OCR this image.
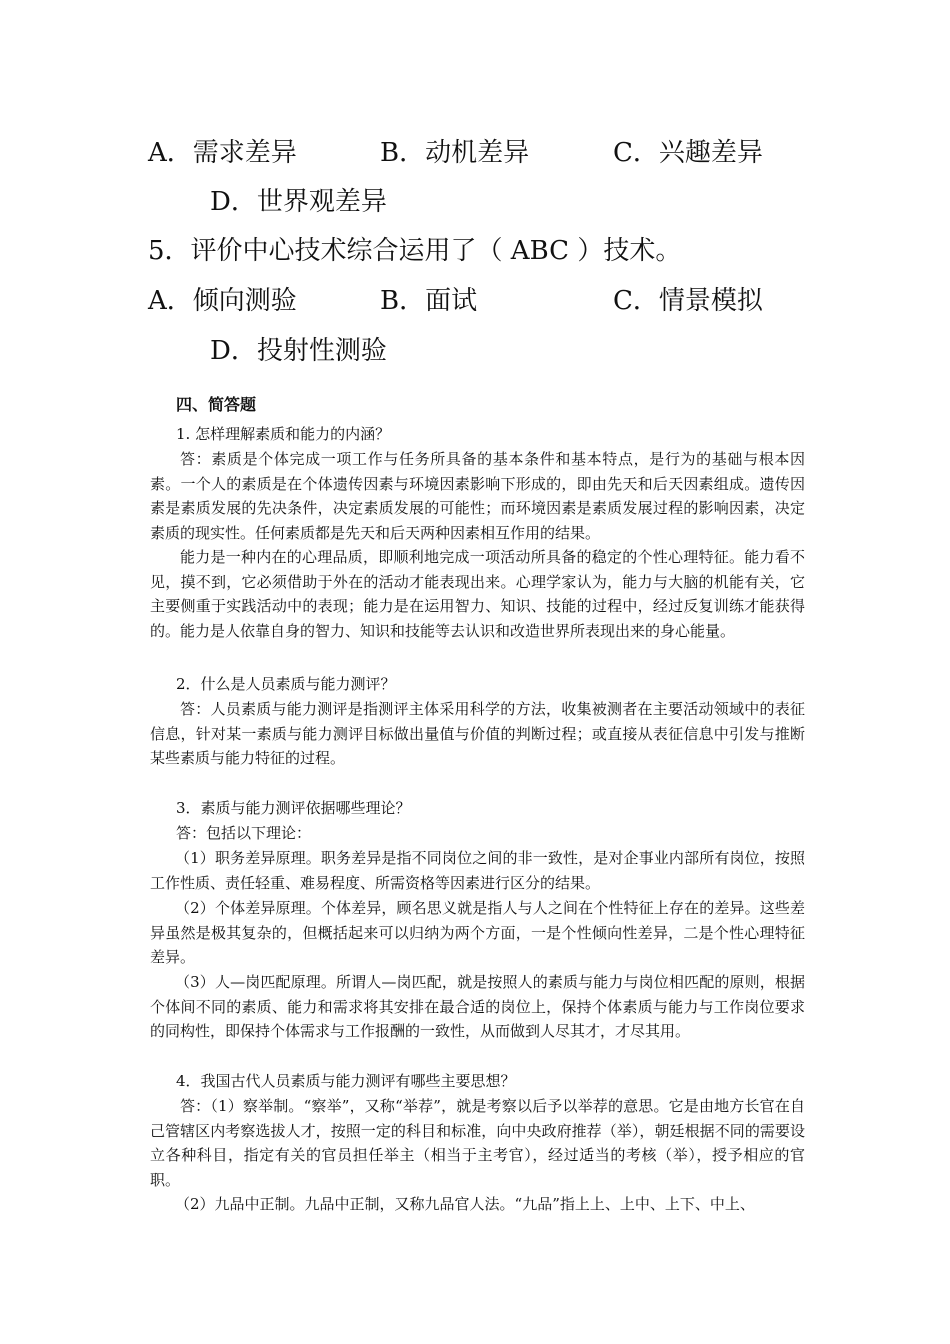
A．需求差异	B．动机差异	C．兴趣差异
D．世界观差异
5．评价中心技术综合运用了（ ABC ）技术。
A．倾向测验	B．面试	C．情景模拟
D．投射性测验
四、简答题
1. 怎样理解素质和能力的内涵？

答：素质是个体完成一项工作与任务所具备的基本条件和基本特点，是行为的基础与根本因素。一个人的素质是在个体遗传因素与环境因素影响下形成的，即由先天和后天因素组成。遗传因素是素质发展的先决条件，决定素质发展的可能性；而环境因素是素质发展过程的影响因素，决定素质的现实性。任何素质都是先天和后天两种因素相互作用的结果。

能力是一种内在的心理品质，即顺利地完成一项活动所具备的稳定的个性心理特征。能力看不见，摸不到，它必须借助于外在的活动才能表现出来。心理学家认为，能力与大脑的机能有关，它主要侧重于实践活动中的表现；能力是在运用智力、知识、技能的过程中，经过反复训练才能获得的。能力是人依靠自身的智力、知识和技能等去认识和改造世界所表现出来的身心能量。

2．什么是人员素质与能力测评？

答：人员素质与能力测评是指测评主体采用科学的方法，收集被测者在主要活动领域中的表征信息，针对某一素质与能力测评目标做出量值与价值的判断过程；或直接从表征信息中引发与推断某些素质与能力特征的过程。

3．素质与能力测评依据哪些理论？
答：包括以下理论：

（1）职务差异原理。职务差异是指不同岗位之间的非一致性，是对企事业内部所有岗位，按照工作性质、责任轻重、难易程度、所需资格等因素进行区分的结果。

（2）个体差异原理。个体差异，顾名思义就是指人与人之间在个性特征上存在的差异。这些差异虽然是极其复杂的，但概括起来可以归纳为两个方面，一是个性倾向性差异，二是个性心理特征差异。

（3）人—岗匹配原理。所谓人—岗匹配，就是按照人的素质与能力与岗位相匹配的原则，根据个体间不同的素质、能力和需求将其安排在最合适的岗位上，保持个体素质与能力与工作岗位要求的同构性，即保持个体需求与工作报酬的一致性，从而做到人尽其才，才尽其用。

4．我国古代人员素质与能力测评有哪些主要思想？

答：（1）察举制。“察举”，又称“举荐”，就是考察以后予以举荐的意思。它是由地方长官在自己管辖区内考察选拔人才，按照一定的科目和标准，向中央政府推荐（举），朝廷根据不同的需要设立各种科目，指定有关的官员担任举主（相当于主考官），经过适当的考核（举），授予相应的官职。

（2）九品中正制。九品中正制，又称九品官人法。“九品”指上上、上中、上下、中上、
